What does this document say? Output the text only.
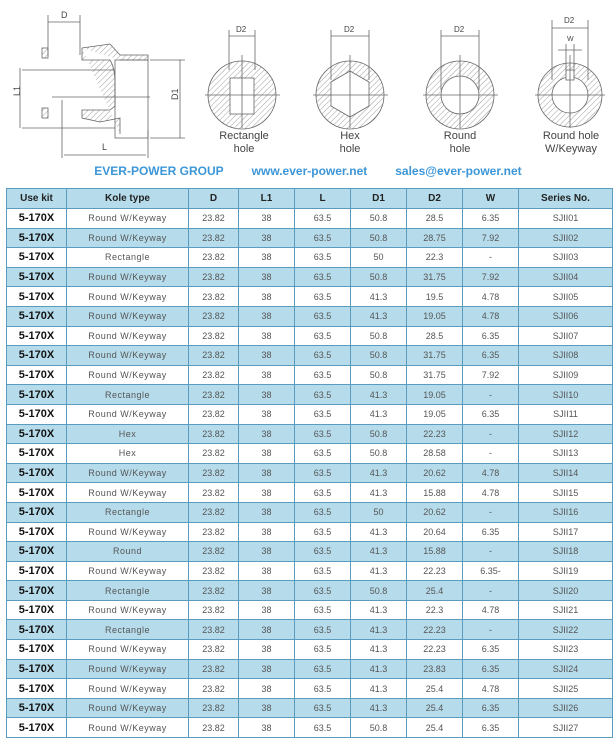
D
L1	D1
L
D2	D2	D2
D2
W
Rectangle
hole
Hex
hole
Round
hole
Round hole
W/Keyway
EVER-POWER GROUP www.ever-power.net sales@ever-power.net
Use kit	Kole type	D	L1	L	D1	D2	W	Series No.
5-170X	Round W/Keyway	23.82	38	63.5	50.8	28.5	6.35	SJII01
5-170X	Round W/Keyway	23.82	38	63.5	50.8	28.75	7.92	SJII02
5-170X	Rectangle	23.82	38	63.5	50	22.3	-	SJII03
5-170X	Round W/Keyway	23.82	38	63.5	50.8	31.75	7.92	SJII04
5-170X	Round W/Keyway	23.82	38	63.5	41.3	19.5	4.78	SJII05
5-170X	Round W/Keyway	23.82	38	63.5	41.3	19.05	4.78	SJII06
5-170X	Round W/Keyway	23.82	38	63.5	50.8	28.5	6.35	SJII07
5-170X	Round W/Keyway	23.82	38	63.5	50.8	31.75	6.35	SJII08
5-170X	Round W/Keyway	23.82	38	63.5	50.8	31.75	7.92	SJII09
5-170X	Rectangle	23.82	38	63.5	41.3	19.05	-	SJII10
5-170X	Round W/Keyway	23.82	38	63.5	41.3	19.05	6.35	SJII11
5-170X	Hex	23.82	38	63.5	50.8	22.23	-	SJII12
5-170X	Hex	23.82	38	63.5	50.8	28.58	-	SJII13
5-170X	Round W/Keyway	23.82	38	63.5	41.3	20.62	4.78	SJII14
5-170X	Round W/Keyway	23.82	38	63.5	41.3	15.88	4.78	SJII15
5-170X	Rectangle	23.82	38	63.5	50	20.62	-	SJII16
5-170X	Round W/Keyway	23.82	38	63.5	41.3	20.64	6.35	SJII17
5-170X	Round	23.82	38	63.5	41.3	15.88	-	SJII18
5-170X	Round W/Keyway	23.82	38	63.5	41.3	22.23	6.35-	SJII19
5-170X	Rectangle	23.82	38	63.5	50.8	25.4	-	SJII20
5-170X	Round W/Keyway	23.82	38	63.5	41.3	22.3	4.78	SJII21
5-170X	Rectangle	23.82	38	63.5	41.3	22.23	-	SJII22
5-170X	Round W/Keyway	23.82	38	63.5	41.3	22.23	6.35	SJII23
5-170X	Round W/Keyway	23.82	38	63.5	41.3	23.83	6.35	SJII24
5-170X	Round W/Keyway	23.82	38	63.5	41.3	25.4	4.78	SJII25
5-170X	Round W/Keyway	23.82	38	63.5	41.3	25.4	6.35	SJII26
5-170X	Round W/Keyway	23.82	38	63.5	50.8	25.4	6.35	SJII27
